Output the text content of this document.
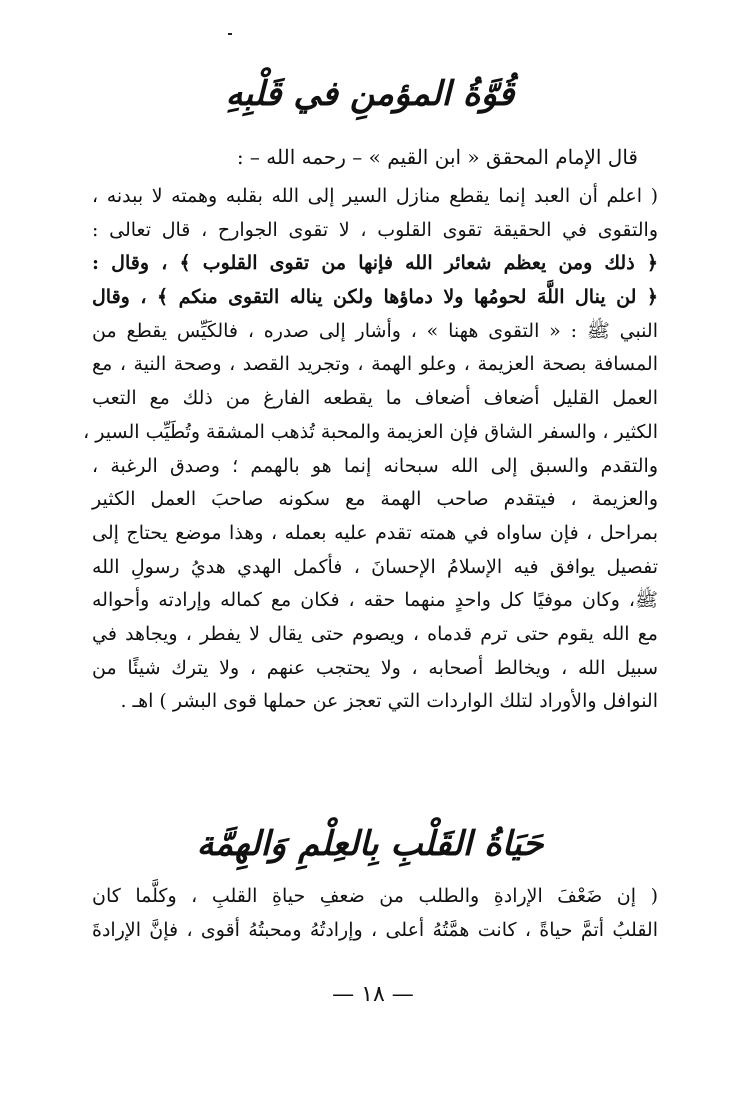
قُوَّةُ المؤمنِ في قَلْبِهِ
قال الإمام المحقق « ابن القيم » – رحمه الله – :
( اعلم أن العبد إنما يقطع منازل السير إلى الله بقلبه وهمته لا ببدنه ،
والتقوى في الحقيقة تقوى القلوب ، لا تقوى الجوارح ، قال تعالى :
﴿ ذلك ومن يعظم شعائر الله فإنها من تقوى القلوب ﴾ ، وقال :
﴿ لن ينال اللَّهَ لحومُها ولا دماؤها ولكن يناله التقوى منكم ﴾ ، وقال
النبي ﷺ : « التقوى ههنا » ، وأشار إلى صدره ، فالكَيِّس يقطع من
المسافة بصحة العزيمة ، وعلو الهمة ، وتجريد القصد ، وصحة النية ، مع
العمل القليل أضعاف أضعاف ما يقطعه الفارغ من ذلك مع التعب
الكثير ، والسفر الشاق فإن العزيمة والمحبة تُذهب المشقة وتُطَيِّب السير ،
والتقدم والسبق إلى الله سبحانه إنما هو بالهمم ؛ وصدق الرغبة ،
والعزيمة ، فيتقدم صاحب الهمة مع سكونه صاحبَ العمل الكثير
بمراحل ، فإن ساواه في همته تقدم عليه بعمله ، وهذا موضع يحتاج إلى
تفصيل يوافق فيه الإسلامُ الإحسانَ ، فأكمل الهدي هديُ رسولِ الله
ﷺ، وكان موفيًا كل واحدٍ منهما حقه ، فكان مع كماله وإرادته وأحواله
مع الله يقوم حتى ترم قدماه ، ويصوم حتى يقال لا يفطر ، ويجاهد في
سبيل الله ، ويخالط أصحابه ، ولا يحتجب عنهم ، ولا يترك شيئًا من
النوافل والأوراد لتلك الواردات التي تعجز عن حملها قوى البشر ) اهـ .
حَيَاةُ القَلْبِ بِالعِلْمِ وَالهِمَّة
( إن ضَعْفَ الإرادةِ والطلب من ضعفِ حياةِ القلبِ ، وكلَّما كان
القلبُ أتمَّ حياةً ، كانت همَّتُهُ أعلى ، وإرادتُهُ ومحبتُهُ أقوى ، فإنَّ الإرادةَ
— ١٨ —
